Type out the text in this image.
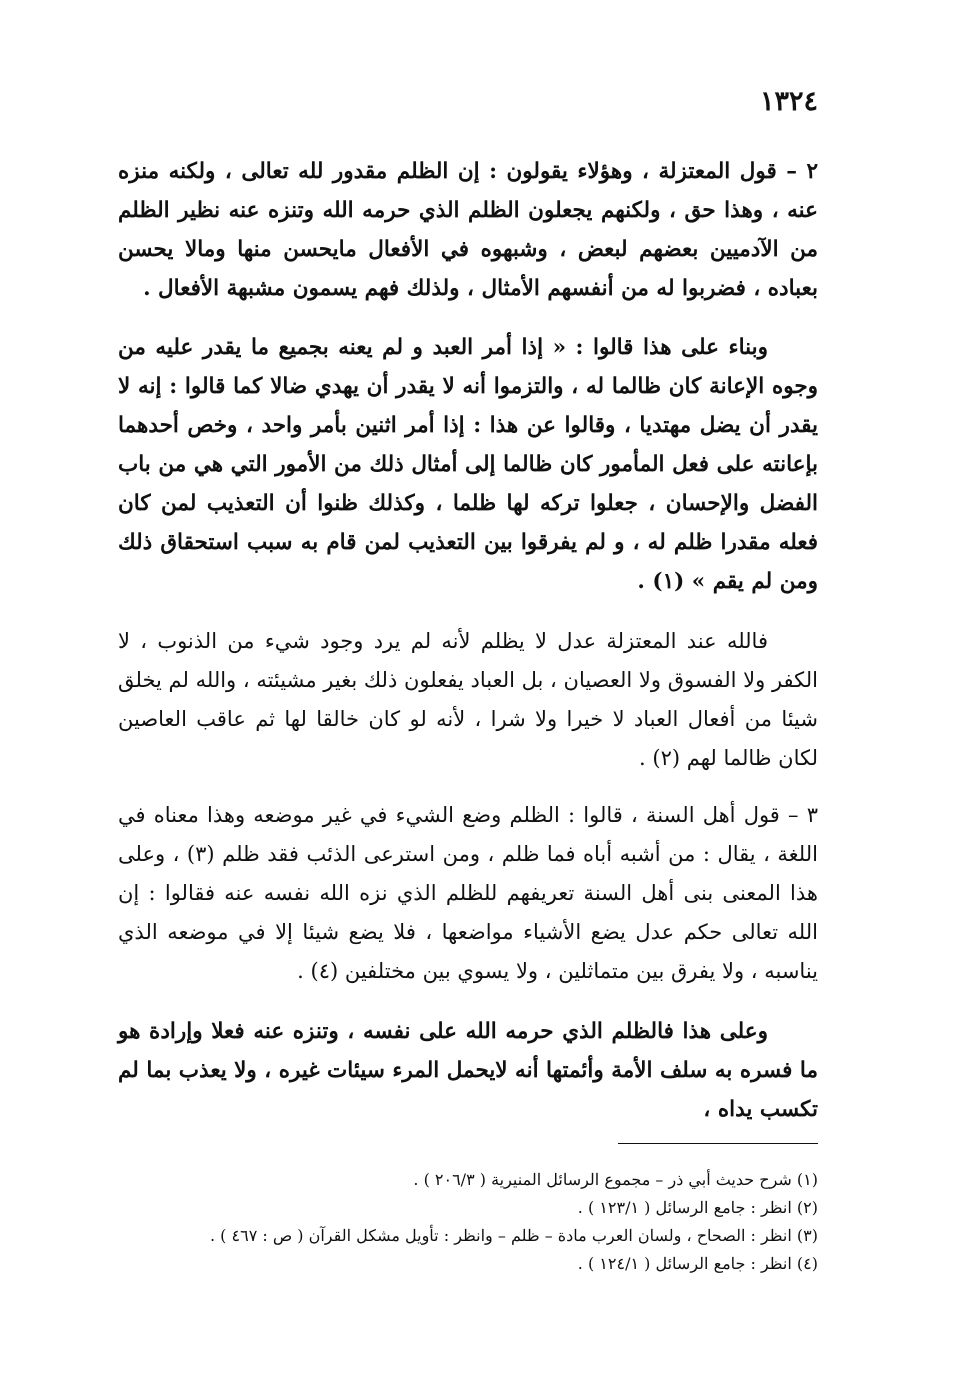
١٣٢٤

٢ – قول المعتزلة ، وهؤلاء يقولون : إن الظلم مقدور لله تعالى ، ولكنه منزه عنه ، وهذا حق ، ولكنهم يجعلون الظلم الذي حرمه الله وتنزه عنه نظير الظلم من الآدميين بعضهم لبعض ، وشبهوه في الأفعال مايحسن منها ومالا يحسن بعباده ، فضربوا له من أنفسهم الأمثال ، ولذلك فهم يسمون مشبهة الأفعال .

وبناء على هذا قالوا : « إذا أمر العبد و لم يعنه بجميع ما يقدر عليه من وجوه الإعانة كان ظالما له ، والتزموا أنه لا يقدر أن يهدي ضالا كما قالوا : إنه لا يقدر أن يضل مهتديا ، وقالوا عن هذا : إذا أمر اثنين بأمر واحد ، وخص أحدهما بإعانته على فعل المأمور كان ظالما إلى أمثال ذلك من الأمور التي هي من باب الفضل والإحسان ، جعلوا تركه لها ظلما ، وكذلك ظنوا أن التعذيب لمن كان فعله مقدرا ظلم له ، و لم يفرقوا بين التعذيب لمن قام به سبب استحقاق ذلك ومن لم يقم » (١) .

فالله عند المعتزلة عدل لا يظلم لأنه لم يرد وجود شيء من الذنوب ، لا الكفر ولا الفسوق ولا العصيان ، بل العباد يفعلون ذلك بغير مشيئته ، والله لم يخلق شيئا من أفعال العباد لا خيرا ولا شرا ، لأنه لو كان خالقا لها ثم عاقب العاصين لكان ظالما لهم (٢) .

٣ – قول أهل السنة ، قالوا : الظلم وضع الشيء في غير موضعه وهذا معناه في اللغة ، يقال : من أشبه أباه فما ظلم ، ومن استرعى الذئب فقد ظلم (٣) ، وعلى هذا المعنى بنى أهل السنة تعريفهم للظلم الذي نزه الله نفسه عنه فقالوا : إن الله تعالى حكم عدل يضع الأشياء مواضعها ، فلا يضع شيئا إلا في موضعه الذي يناسبه ، ولا يفرق بين متماثلين ، ولا يسوي بين مختلفين (٤) .

وعلى هذا فالظلم الذي حرمه الله على نفسه ، وتنزه عنه فعلا وإرادة هو ما فسره به سلف الأمة وأئمتها أنه لايحمل المرء سيئات غيره ، ولا يعذب بما لم تكسب يداه ،

(١) شرح حديث أبي ذر – مجموع الرسائل المنيرية ( ٢٠٦/٣ ) .
(٢) انظر : جامع الرسائل ( ١٢٣/١ ) .
(٣) انظر : الصحاح ، ولسان العرب مادة – ظلم – وانظر : تأويل مشكل القرآن ( ص : ٤٦٧ ) .
(٤) انظر : جامع الرسائل ( ١٢٤/١ ) .
